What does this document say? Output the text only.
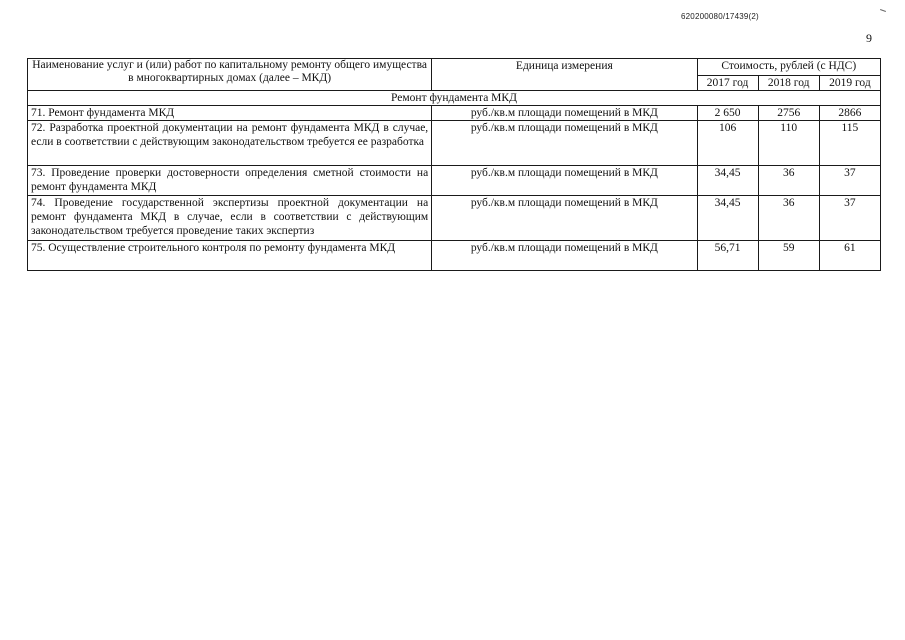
620200080/17439(2)
9
Наименование услуг и (или) работ по капитальному ремонту общего имущества в многоквартирных домах (далее – МКД)	Единица измерения	Стоимость, рублей (с НДС)		
		2017 год	2018 год	2019 год
Ремонт фундамента МКД				
71. Ремонт фундамента МКД	руб./кв.м площади помещений в МКД	2 650	2756	2866
72. Разработка проектной документации на ремонт фундамента МКД в случае, если в соответствии с действующим законодательством требуется ее разработка	руб./кв.м площади помещений в МКД	106	110	115
73. Проведение проверки достоверности определения сметной стоимости на ремонт фундамента МКД	руб./кв.м площади помещений в МКД	34,45	36	37
74. Проведение государственной экспертизы проектной документации на ремонт фундамента МКД в случае, если в соответствии с действующим законодательством требуется проведение таких экспертиз	руб./кв.м площади помещений в МКД	34,45	36	37
75. Осуществление строительного контроля по ремонту фундамента МКД	руб./кв.м площади помещений в МКД	56,71	59	61
